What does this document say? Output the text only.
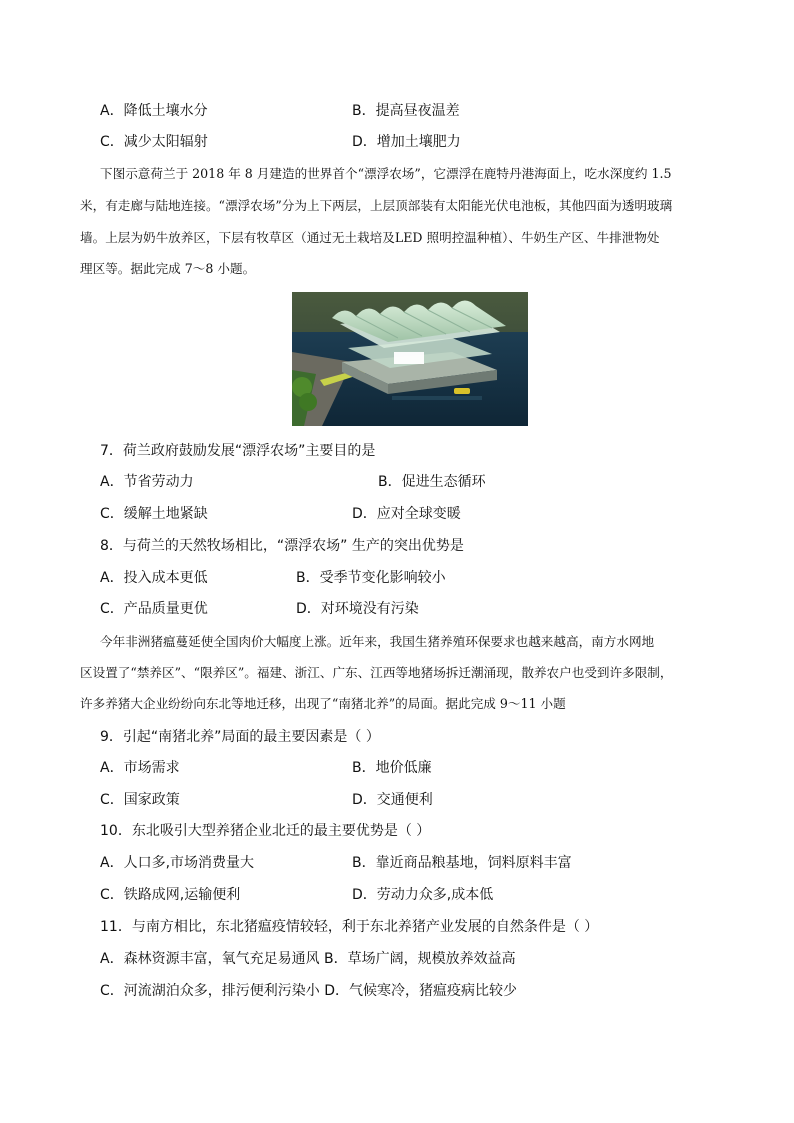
A．降低土壤水分	B．提高昼夜温差
C．减少太阳辐射	D．增加土壤肥力
下图示意荷兰于 2018 年 8 月建造的世界首个“漂浮农场”，它漂浮在鹿特丹港海面上，吃水深度约 1.5
米，有走廊与陆地连接。“漂浮农场”分为上下两层，上层顶部装有太阳能光伏电池板，其他四面为透明玻璃
墙。上层为奶牛放养区，下层有牧草区（通过无土栽培及LED 照明控温种植）、牛奶生产区、牛排泄物处
理区等。据此完成 7～8 小题。
7．荷兰政府鼓励发展“漂浮农场”主要目的是
A．节省劳动力	B．促进生态循环
C．缓解土地紧缺	D．应对全球变暖
8．与荷兰的天然牧场相比，“漂浮农场” 生产的突出优势是
A．投入成本更低	B．受季节变化影响较小
C．产品质量更优	D．对环境没有污染
今年非洲猪瘟蔓延使全国肉价大幅度上涨。近年来，我国生猪养殖环保要求也越来越高，南方水网地
区设置了“禁养区”、“限养区”。福建、浙江、广东、江西等地猪场拆迁潮涌现，散养农户也受到许多限制，
许多养猪大企业纷纷向东北等地迁移，出现了“南猪北养”的局面。据此完成 9～11 小题
9．引起“南猪北养”局面的最主要因素是（ ）
A．市场需求	B．地价低廉
C．国家政策	D．交通便利
10．东北吸引大型养猪企业北迁的最主要优势是（ ）
A．人口多,市场消费量大	B．靠近商品粮基地，饲料原料丰富
C．铁路成网,运输便利	D．劳动力众多,成本低
11．与南方相比，东北猪瘟疫情较轻，利于东北养猪产业发展的自然条件是（ ）
A．森林资源丰富，氧气充足易通风 B．草场广阔，规模放养效益高
C．河流湖泊众多，排污便利污染小 D．气候寒冷，猪瘟疫病比较少
